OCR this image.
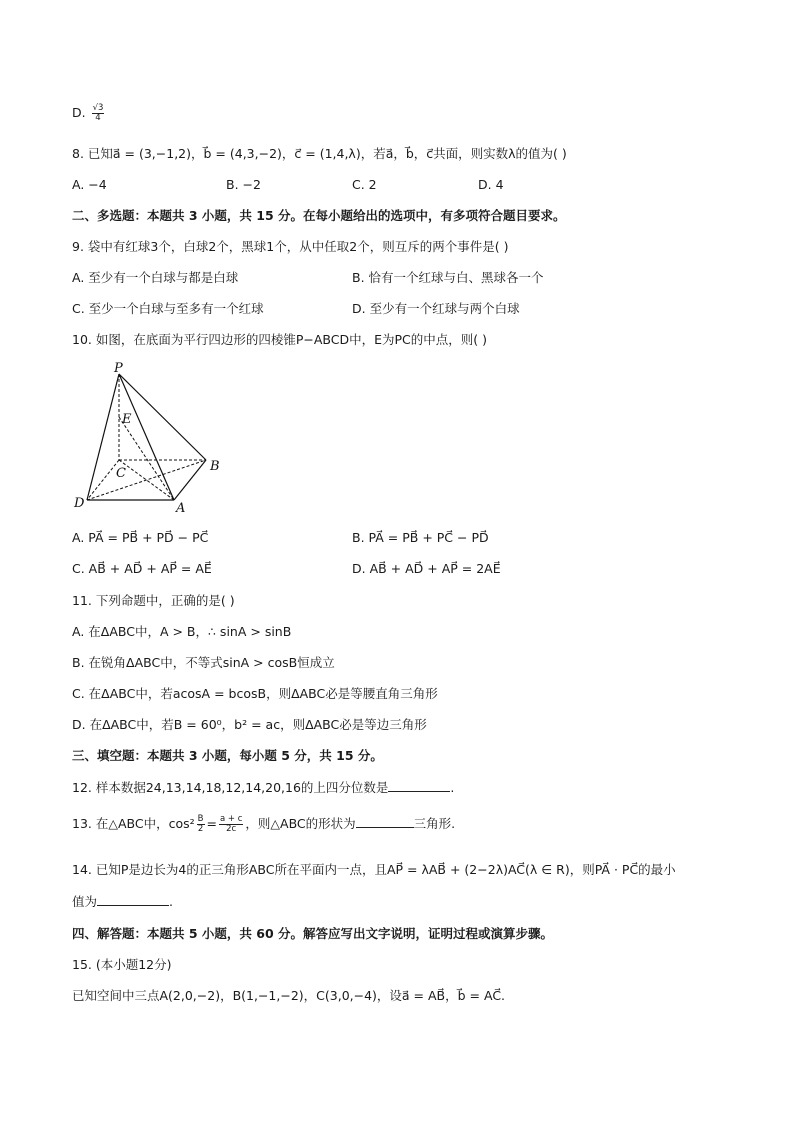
D. $\frac{√3}{4}$
8. 已知a⃗ = (3,−1,2)，b⃗ = (4,3,−2)，c⃗ = (1,4,λ)，若a⃗，b⃗，c⃗共面，则实数λ的值为( )
A. −4	B. −2	C. 2	D. 4
二、多选题：本题共 3 小题，共 15 分。在每小题给出的选项中，有多项符合题目要求。
9. 袋中有红球3个，白球2个，黑球1个，从中任取2个，则互斥的两个事件是( )
A. 至少有一个白球与都是白球	B. 恰有一个红球与白、黑球各一个
C. 至少一个白球与至多有一个红球	D. 至少有一个红球与两个白球
10. 如图，在底面为平行四边形的四棱锥P−ABCD中，E为PC的中点，则( )
P
E
B
C
D	A
A. PA⃗ = PB⃗ + PD⃗ − PC⃗	B. PA⃗ = PB⃗ + PC⃗ − PD⃗
C. AB⃗ + AD⃗ + AP⃗ = AE⃗	D. AB⃗ + AD⃗ + AP⃗ = 2AE⃗
11. 下列命题中，正确的是( )
A. 在ΔABC中，A > B，∴ sinA > sinB
B. 在锐角ΔABC中，不等式sinA > cosB恒成立
C. 在ΔABC中，若acosA = bcosB，则ΔABC必是等腰直角三角形
D. 在ΔABC中，若B = 60⁰，b² = ac，则ΔABC必是等边三角形
三、填空题：本题共 3 小题，每小题 5 分，共 15 分。
12. 样本数据24,13,14,18,12,14,20,16的上四分位数是	.
13. 在△ABC中，$\cos^2 \frac{B}{2} = \frac{a + c}{2c}$ ，则△ABC的形状为	三角形.
14. 已知P是边长为4的正三角形ABC所在平面内一点，且AP⃗ = λAB⃗ + (2−2λ)AC⃗(λ ∈ R)，则PA⃗ · PC⃗的最小
值为	.
四、解答题：本题共 5 小题，共 60 分。解答应写出文字说明，证明过程或演算步骤。
15. (本小题12分)
已知空间中三点A(2,0,−2)，B(1,−1,−2)，C(3,0,−4)，设a⃗ = AB⃗，b⃗ = AC⃗.
